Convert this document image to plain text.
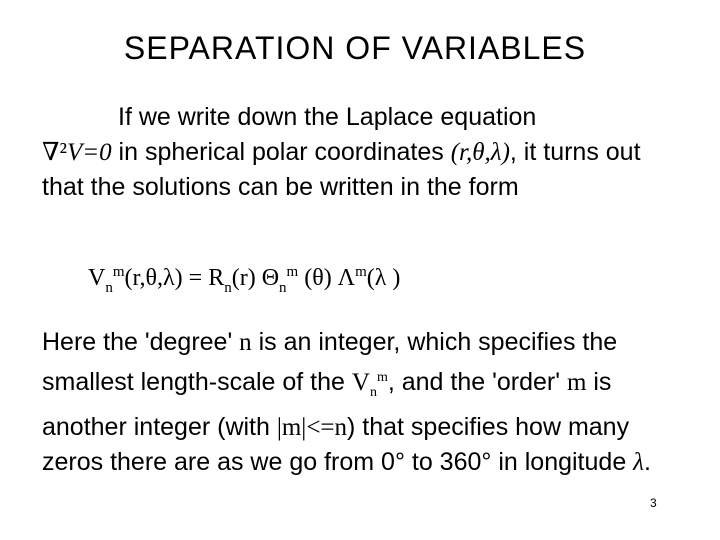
SEPARATION OF VARIABLES
If we write down the Laplace equation
∇²V=0 in spherical polar coordinates (r,θ,λ), it turns out that the solutions can be written in the form
$V_n^m(r,\theta,\lambda) = R_n(r)$ $\Theta_n^m$ (θ) $\Lambda^m(\lambda$ )
Here the 'degree' n is an integer, which specifies the smallest length-scale of the $V_n^m$, and the 'order' m is another integer (with |m|<=n) that specifies how many zeros there are as we go from 0° to 360° in longitude λ.
3
